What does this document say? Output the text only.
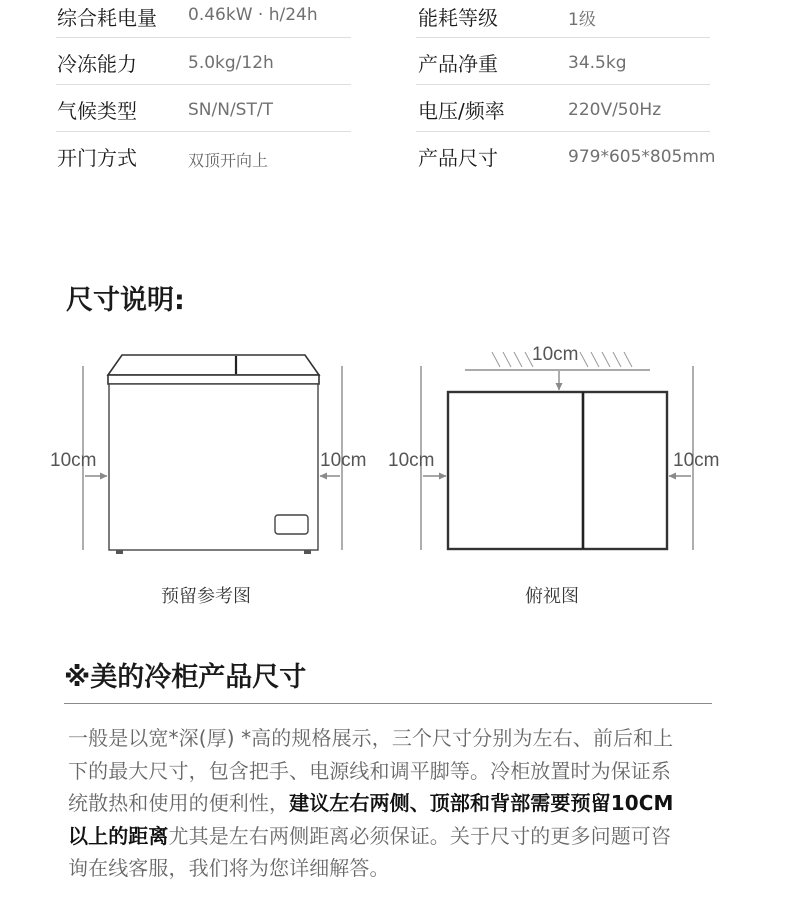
综合耗电量 0.46kW · h/24h	能耗等级	1级
冷冻能力	5.0kg/12h	产品净重	34.5kg
气候类型	SN/N/ST/T	电压/频率	220V/50Hz
开门方式	双顶开向上	产品尺寸	979*605*805mm
尺寸说明:
10cm	10cm
10cm
10cm	10cm
预留参考图	俯视图
※美的冷柜产品尺寸
一般是以宽*深(厚) *高的规格展示，三个尺寸分别为左右、前后和上
下的最大尺寸，包含把手、电源线和调平脚等。冷柜放置时为保证系
统散热和使用的便利性，建议左右两侧、顶部和背部需要预留10CM
以上的距离尤其是左右两侧距离必须保证。关于尺寸的更多问题可咨
询在线客服，我们将为您详细解答。
